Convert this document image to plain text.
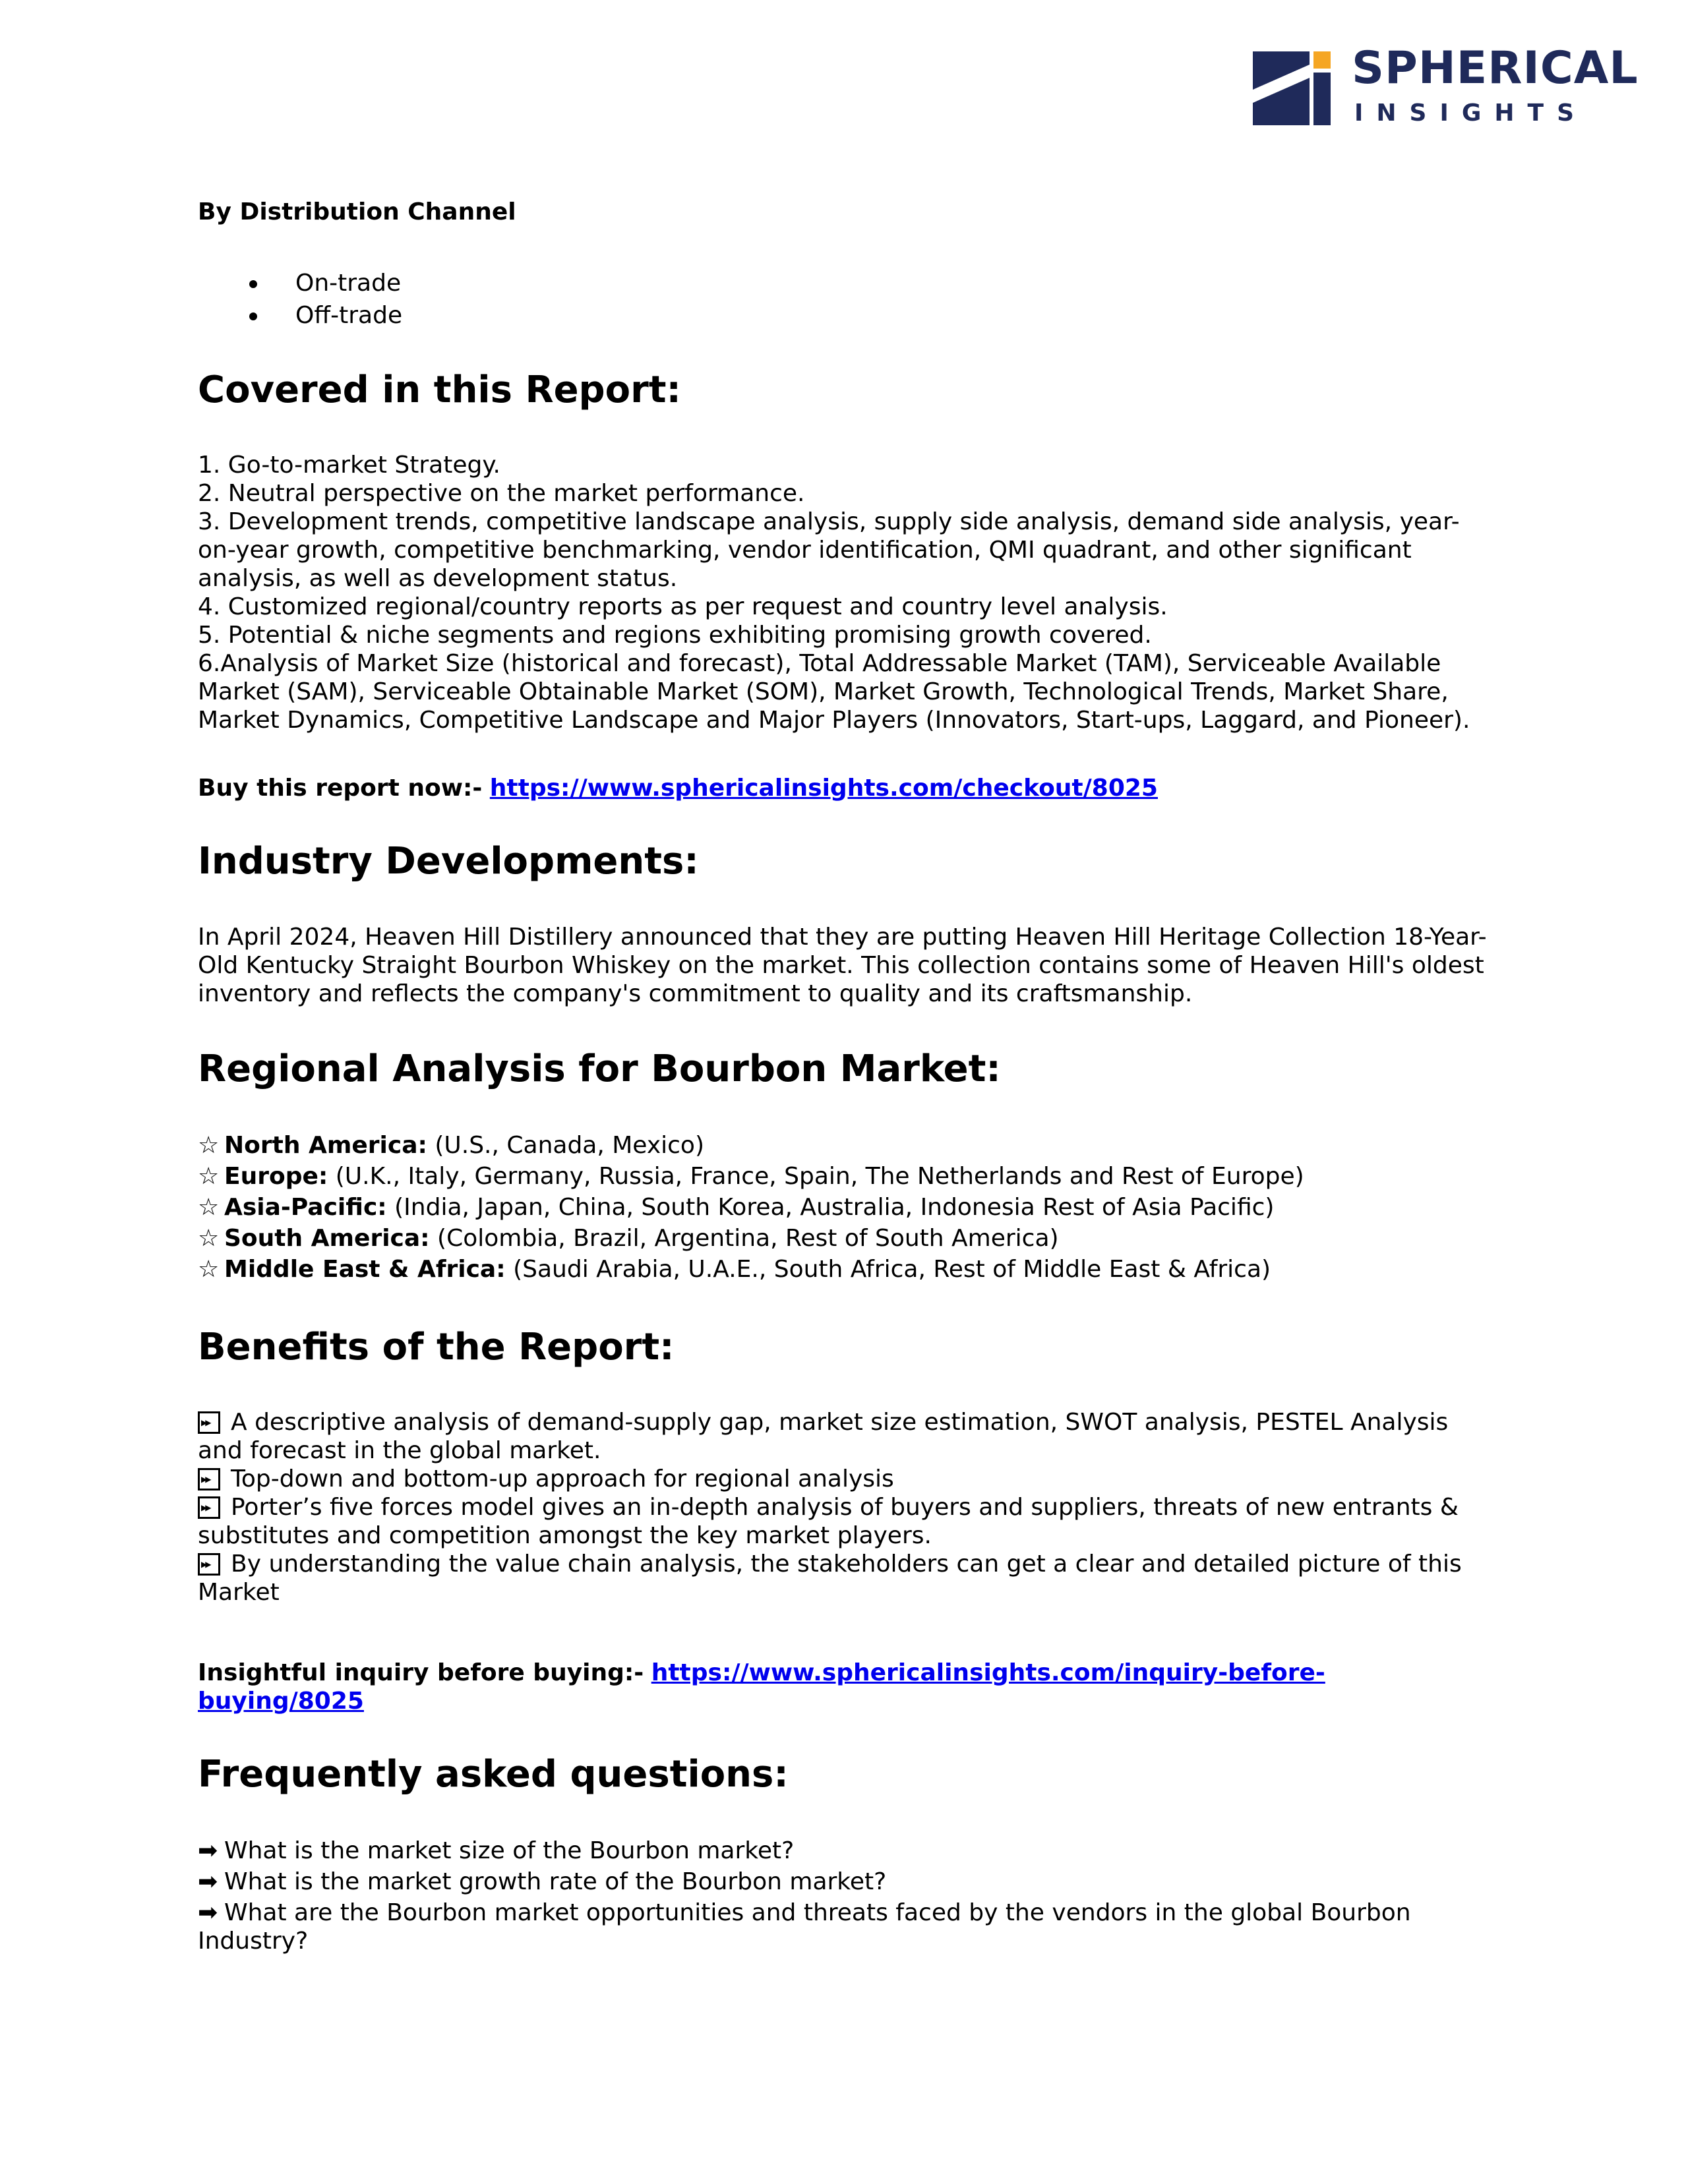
SPHERICAL
INSIGHTS
By Distribution Channel
On-trade
Off-trade
Covered in this Report:

1. Go-to-market Strategy.

2. Neutral perspective on the market performance.

3. Development trends, competitive landscape analysis, supply side analysis, demand side analysis, year-on-year growth, competitive benchmarking, vendor identification, QMI quadrant, and other significant analysis, as well as development status.

4. Customized regional/country reports as per request and country level analysis.

5. Potential & niche segments and regions exhibiting promising growth covered.

6.Analysis of Market Size (historical and forecast), Total Addressable Market (TAM), Serviceable Available Market (SAM), Serviceable Obtainable Market (SOM), Market Growth, Technological Trends, Market Share, Market Dynamics, Competitive Landscape and Major Players (Innovators, Start-ups, Laggard, and Pioneer).

Buy this report now:- https://www.sphericalinsights.com/checkout/8025
Industry Developments:

In April 2024, Heaven Hill Distillery announced that they are putting Heaven Hill Heritage Collection 18-Year-Old Kentucky Straight Bourbon Whiskey on the market. This collection contains some of Heaven Hill's oldest inventory and reflects the company's commitment to quality and its craftsmanship.

Regional Analysis for Bourbon Market:
☆ North America: (U.S., Canada, Mexico)
☆ Europe: (U.K., Italy, Germany, Russia, France, Spain, The Netherlands and Rest of Europe)
☆ Asia-Pacific: (India, Japan, China, South Korea, Australia, Indonesia Rest of Asia Pacific)
☆ South America: (Colombia, Brazil, Argentina, Rest of South America)
☆ Middle East & Africa: (Saudi Arabia, U.A.E., South Africa, Rest of Middle East & Africa)
Benefits of the Report:

▶▶A descriptive analysis of demand-supply gap, market size estimation, SWOT analysis, PESTEL Analysis and forecast in the global market.

▶▶Top-down and bottom-up approach for regional analysis

▶▶Porter’s five forces model gives an in-depth analysis of buyers and suppliers, threats of new entrants & substitutes and competition amongst the key market players.

▶▶By understanding the value chain analysis, the stakeholders can get a clear and detailed picture of this Market

Insightful inquiry before buying:- https://www.sphericalinsights.com/inquiry-before-buying/8025
Frequently asked questions:
➡ What is the market size of the Bourbon market?
➡ What is the market growth rate of the Bourbon market?
➡ What are the Bourbon market opportunities and threats faced by the vendors in the global Bourbon Industry?
